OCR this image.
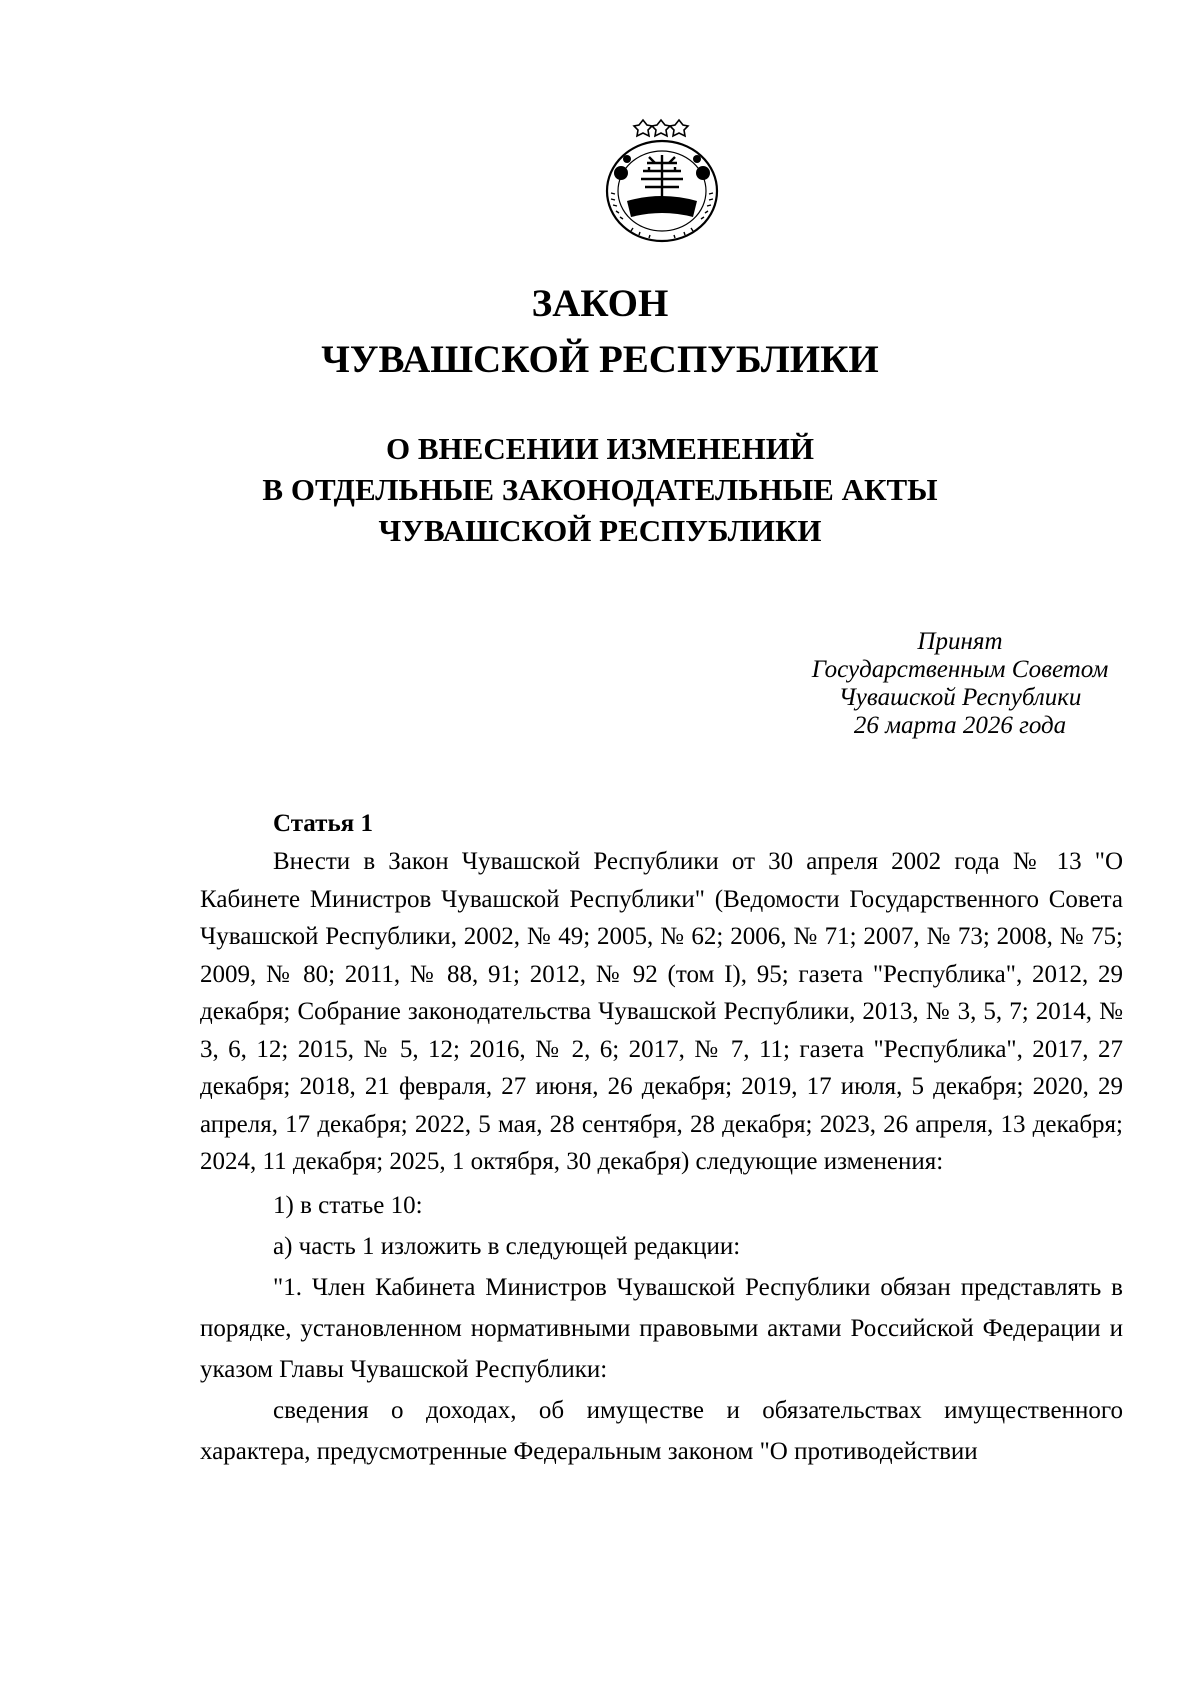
ЗАКОН
ЧУВАШСКОЙ РЕСПУБЛИКИ
О ВНЕСЕНИИ ИЗМЕНЕНИЙ
В ОТДЕЛЬНЫЕ ЗАКОНОДАТЕЛЬНЫЕ АКТЫ
ЧУВАШСКОЙ РЕСПУБЛИКИ
Принят
Государственным Советом
Чувашской Республики
26 марта 2026 года
Статья 1

Внести в Закон Чувашской Республики от 30 апреля 2002 года № 13 "О Кабинете Министров Чувашской Республики" (Ведомости Государственного Совета Чувашской Республики, 2002, № 49; 2005, № 62; 2006, № 71; 2007, № 73; 2008, № 75; 2009, № 80; 2011, № 88, 91; 2012, № 92 (том I), 95; газета "Республика", 2012, 29 декабря; Собрание законодательства Чувашской Республики, 2013, № 3, 5, 7; 2014, № 3, 6, 12; 2015, № 5, 12; 2016, № 2, 6; 2017, № 7, 11; газета "Республика", 2017, 27 декабря; 2018, 21 февраля, 27 июня, 26 декабря; 2019, 17 июля, 5 декабря; 2020, 29 апреля, 17 декабря; 2022, 5 мая, 28 сентября, 28 декабря; 2023, 26 апреля, 13 декабря; 2024, 11 декабря; 2025, 1 октября, 30 декабря) следующие изменения:

1) в статье 10:

а) часть 1 изложить в следующей редакции:

"1. Член Кабинета Министров Чувашской Республики обязан представлять в порядке, установленном нормативными правовыми актами Российской Федерации и указом Главы Чувашской Республики:

сведения о доходах, об имуществе и обязательствах имущественного характера, предусмотренные Федеральным законом "О противодействии
